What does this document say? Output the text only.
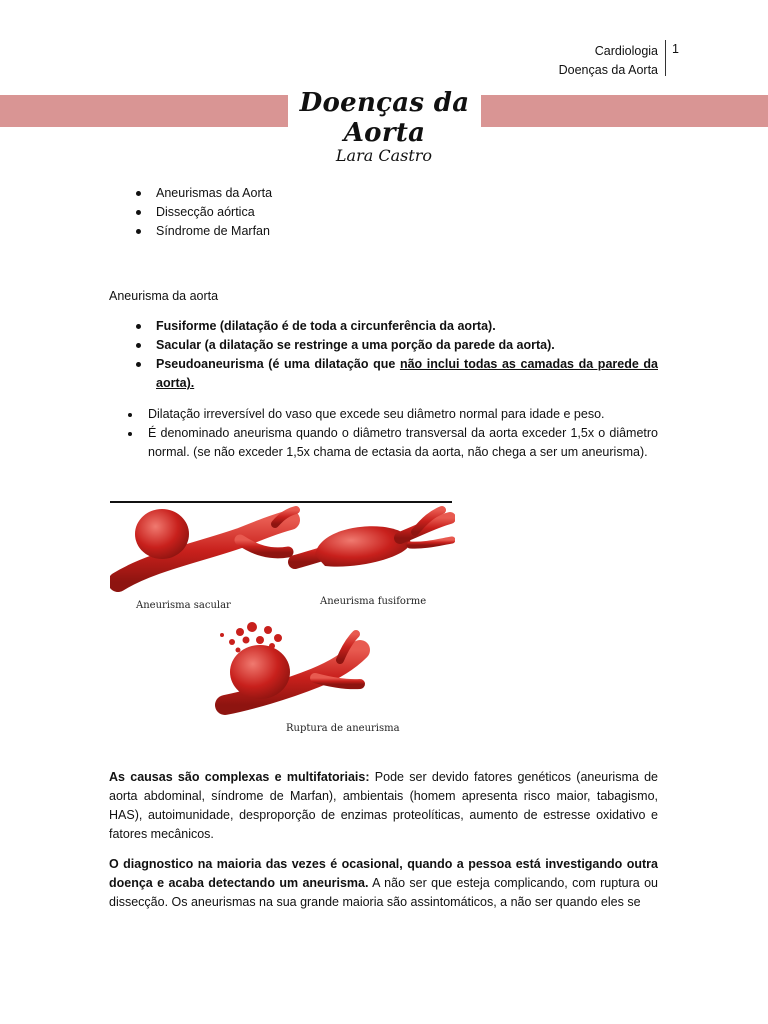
Cardiologia
Doenças da Aorta
1
Doenças da Aorta
Lara Castro
Aneurismas da Aorta
Dissecção aórtica
Síndrome de Marfan
Aneurisma da aorta
Fusiforme (dilatação é de toda a circunferência da aorta).
Sacular (a dilatação se restringe a uma porção da parede da aorta).
Pseudoaneurisma (é uma dilatação que não inclui todas as camadas da parede da aorta).
Dilatação irreversível do vaso que excede seu diâmetro normal para idade e peso.
É denominado aneurisma quando o diâmetro transversal da aorta exceder 1,5x o diâmetro normal. (se não exceder 1,5x chama de ectasia da aorta, não chega a ser um aneurisma).
Aneurisma sacular	Aneurisma fusiforme
Ruptura de aneurisma

As causas são complexas e multifatoriais: Pode ser devido fatores genéticos (aneurisma de aorta abdominal, síndrome de Marfan), ambientais (homem apresenta risco maior, tabagismo, HAS), autoimunidade, desproporção de enzimas proteolíticas, aumento de estresse oxidativo e fatores mecânicos.

O diagnostico na maioria das vezes é ocasional, quando a pessoa está investigando outra doença e acaba detectando um aneurisma. A não ser que esteja complicando, com ruptura ou dissecção. Os aneurismas na sua grande maioria são assintomáticos, a não ser quando eles se
